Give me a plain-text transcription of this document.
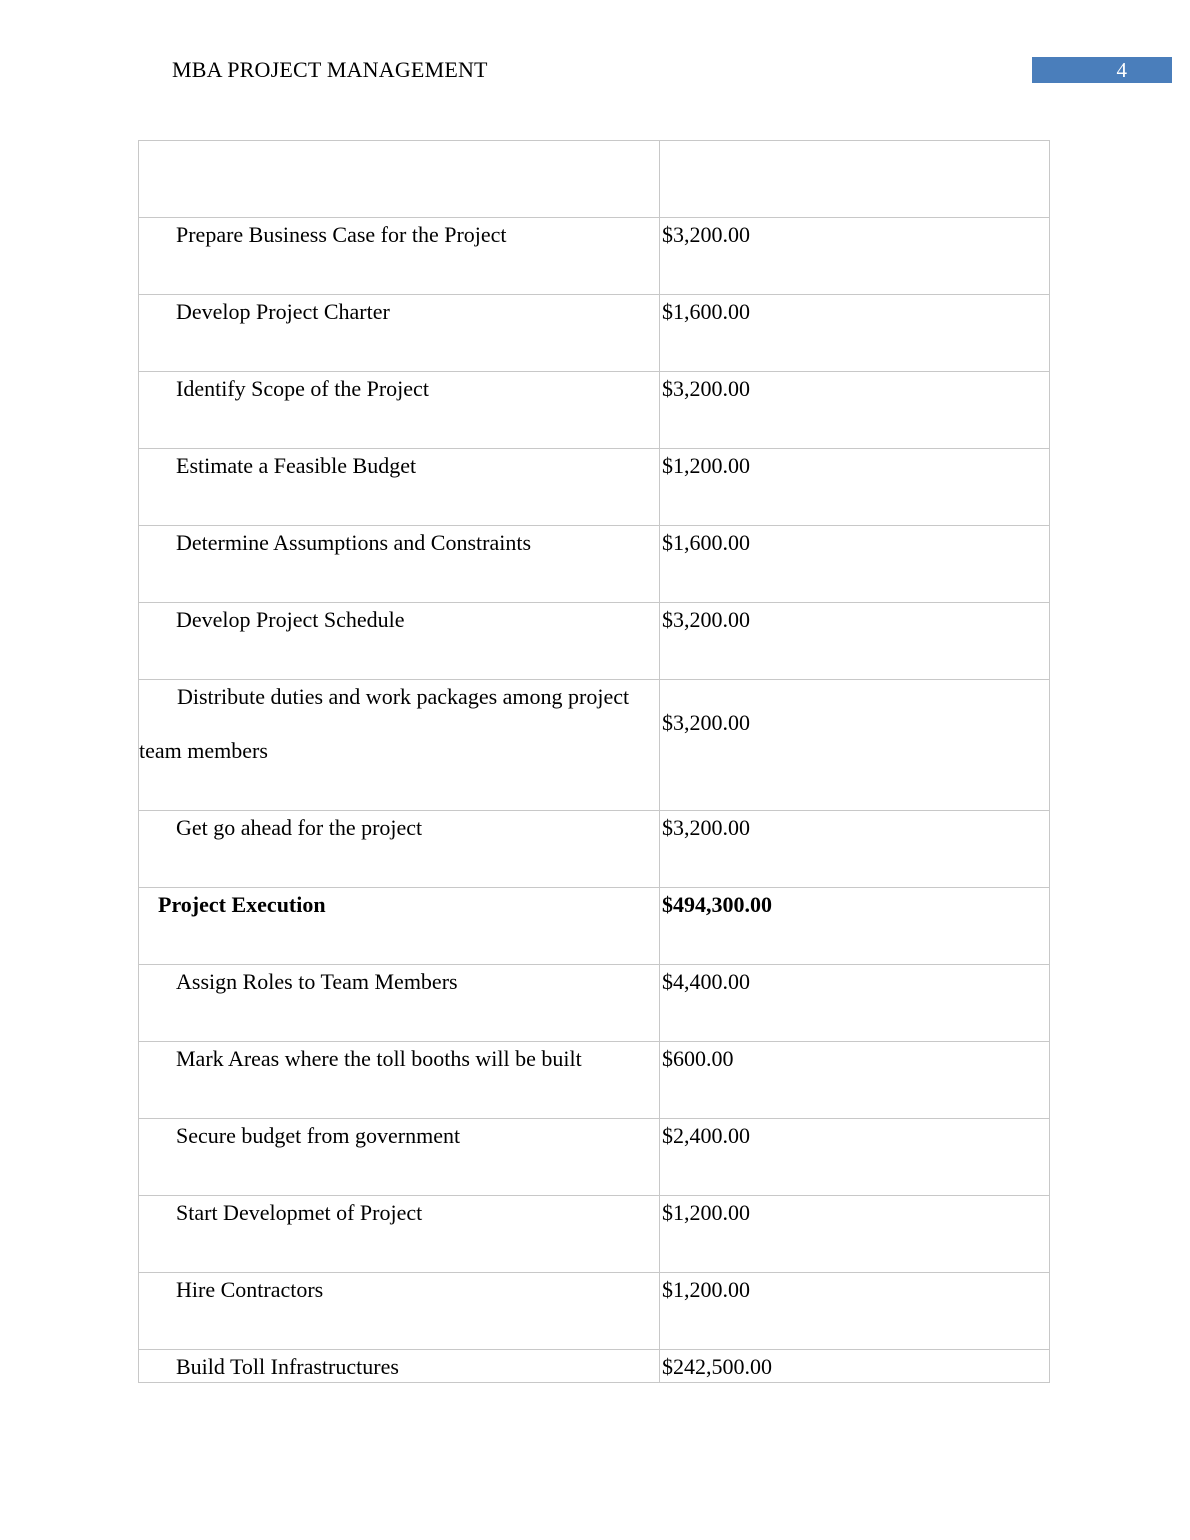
MBA PROJECT MANAGEMENT	4

Prepare Business Case for the Project	$3,200.00

Develop Project Charter	$1,600.00

Identify Scope of the Project	$3,200.00

Estimate a Feasible Budget	$1,200.00

Determine Assumptions and Constraints	$1,600.00

Develop Project Schedule	$3,200.00

Distribute duties and work packages among project team members	$3,200.00

Get go ahead for the project	$3,200.00

Project Execution	$494,300.00

Assign Roles to Team Members	$4,400.00

Mark Areas where the toll booths will be built	$600.00

Secure budget from government	$2,400.00

Start Developmet of Project	$1,200.00

Hire Contractors	$1,200.00

Build Toll Infrastructures	$242,500.00
